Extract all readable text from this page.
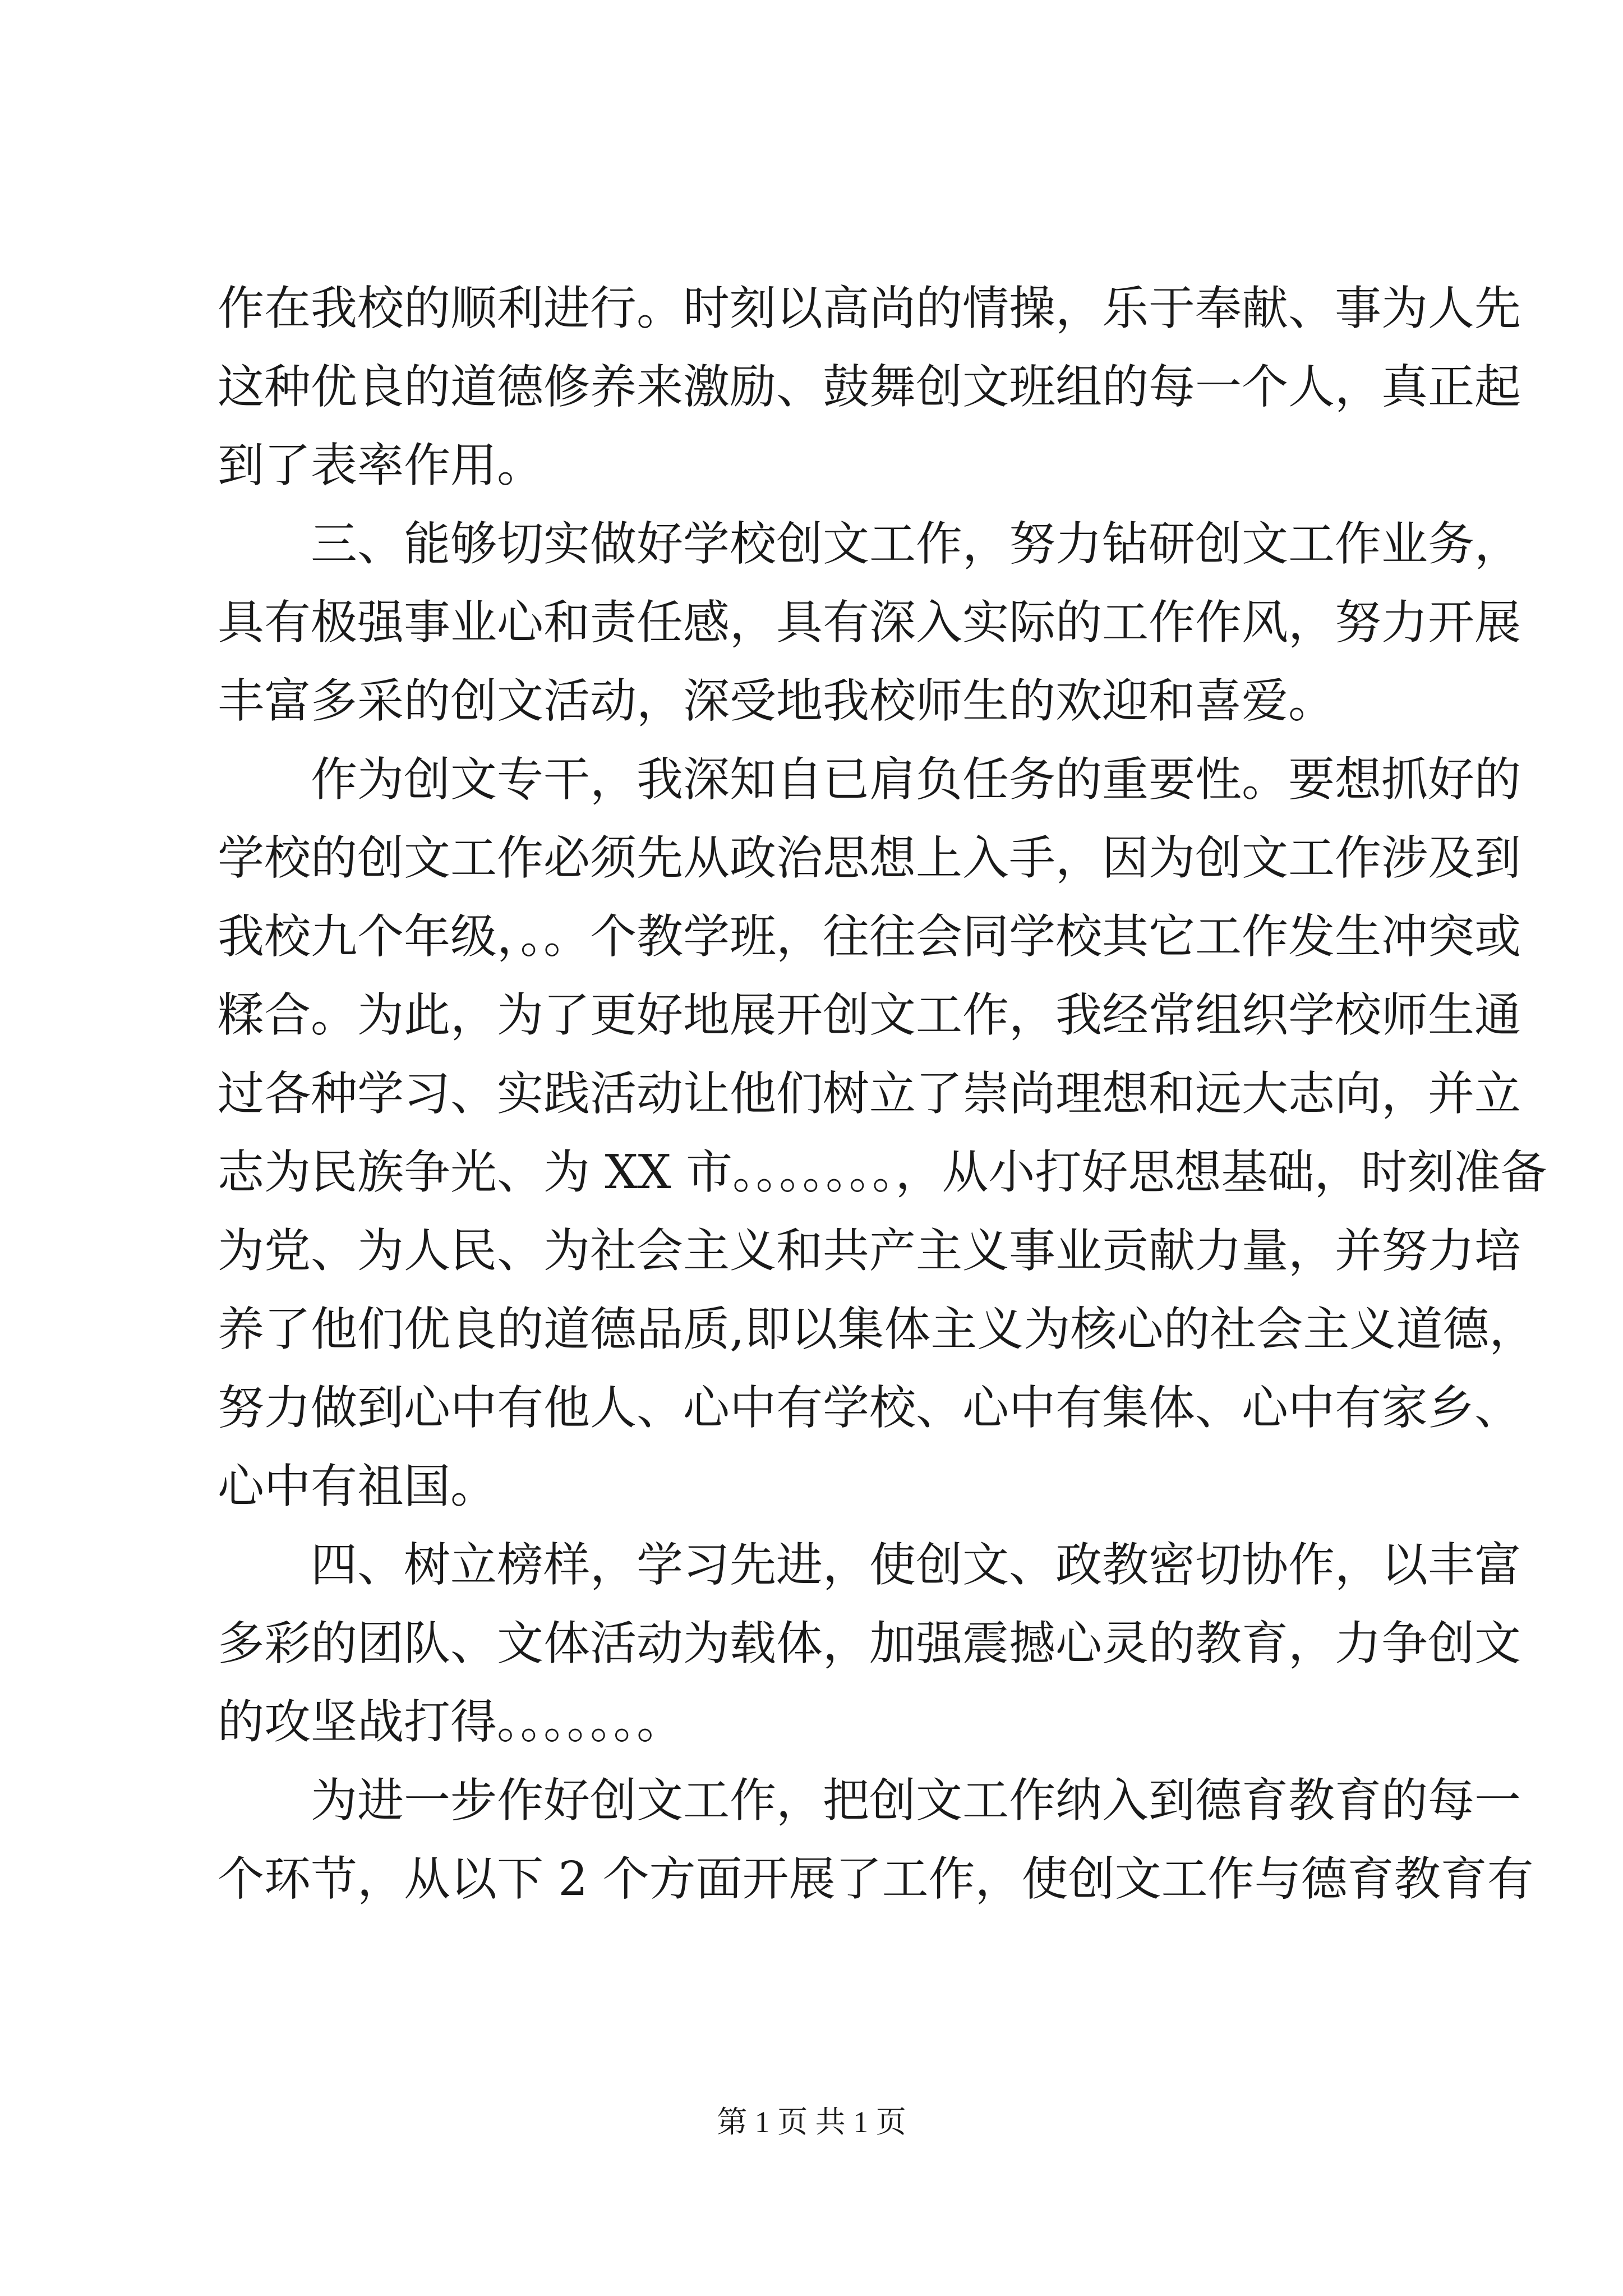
作在我校的顺利进行。时刻以高尚的情操，乐于奉献、事为人先
这种优良的道德修养来激励、鼓舞创文班组的每一个人，真正起
到了表率作用。
　　三、能够切实做好学校创文工作，努力钻研创文工作业务，
具有极强事业心和责任感，具有深入实际的工作作风，努力开展
丰富多采的创文活动，深受地我校师生的欢迎和喜爱。
　　作为创文专干，我深知自已肩负任务的重要性。要想抓好的
学校的创文工作必须先从政治思想上入手，因为创文工作涉及到
我校九个年级，。。个教学班，往往会同学校其它工作发生冲突或
糅合。为此，为了更好地展开创文工作，我经常组织学校师生通
过各种学习、实践活动让他们树立了崇尚理想和远大志向，并立
志为民族争光、为 XX 市。。。。。。。，从小打好思想基础，时刻准备
为党、为人民、为社会主义和共产主义事业贡献力量，并努力培
养了他们优良的道德品质,即以集体主义为核心的社会主义道德，
努力做到心中有他人、心中有学校、心中有集体、心中有家乡、
心中有祖国。
　　四、树立榜样，学习先进，使创文、政教密切协作，以丰富
多彩的团队、文体活动为载体，加强震撼心灵的教育，力争创文
的攻坚战打得。。。。。。。
　　为进一步作好创文工作，把创文工作纳入到德育教育的每一
个环节，从以下 2 个方面开展了工作，使创文工作与德育教育有
第 1 页 共 1 页
